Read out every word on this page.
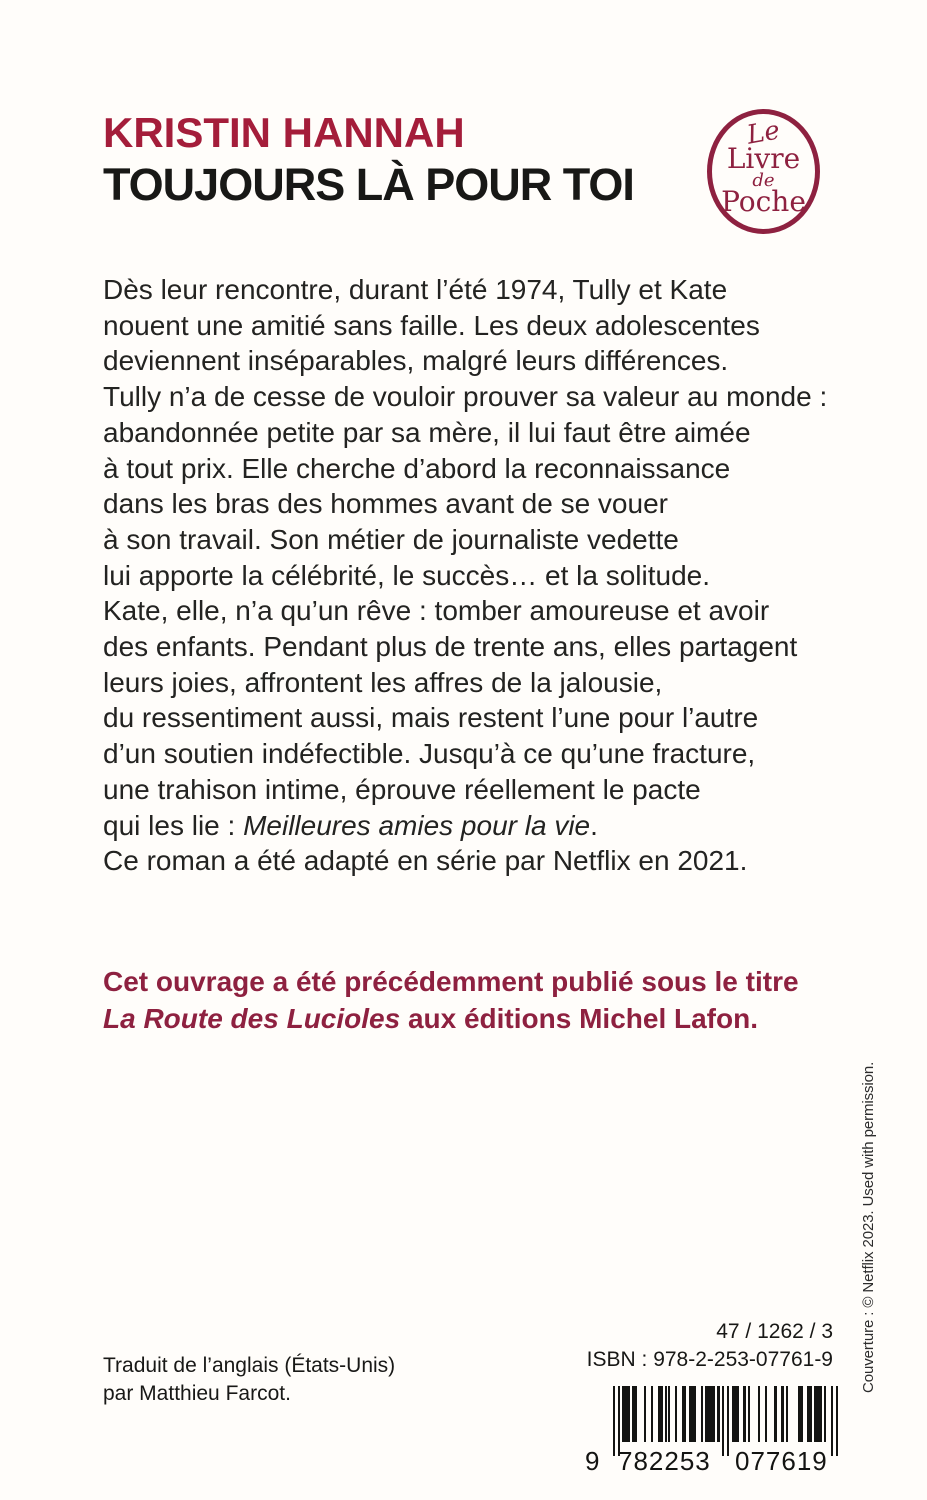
KRISTIN HANNAH
TOUJOURS LÀ POUR TOI
Le
Livre
de
Poche
Dès leur rencontre, durant l’été 1974, Tully et Kate
nouent une amitié sans faille. Les deux adolescentes
deviennent inséparables, malgré leurs différences.
Tully n’a de cesse de vouloir prouver sa valeur au monde :
abandonnée petite par sa mère, il lui faut être aimée
à tout prix. Elle cherche d’abord la reconnaissance
dans les bras des hommes avant de se vouer
à son travail. Son métier de journaliste vedette
lui apporte la célébrité, le succès… et la solitude.
Kate, elle, n’a qu’un rêve : tomber amoureuse et avoir
des enfants. Pendant plus de trente ans, elles partagent
leurs joies, affrontent les affres de la jalousie,
du ressentiment aussi, mais restent l’une pour l’autre
d’un soutien indéfectible. Jusqu’à ce qu’une fracture,
une trahison intime, éprouve réellement le pacte
qui les lie : Meilleures amies pour la vie.
Ce roman a été adapté en série par Netflix en 2021.
Cet ouvrage a été précédemment publié sous le titre
La Route des Lucioles aux éditions Michel Lafon.
Traduit de l’anglais (États-Unis)
par Matthieu Farcot.
47 / 1262 / 3
ISBN : 978-2-253-07761-9
9 782253 077619
Couverture : © Netflix 2023. Used with permission.
